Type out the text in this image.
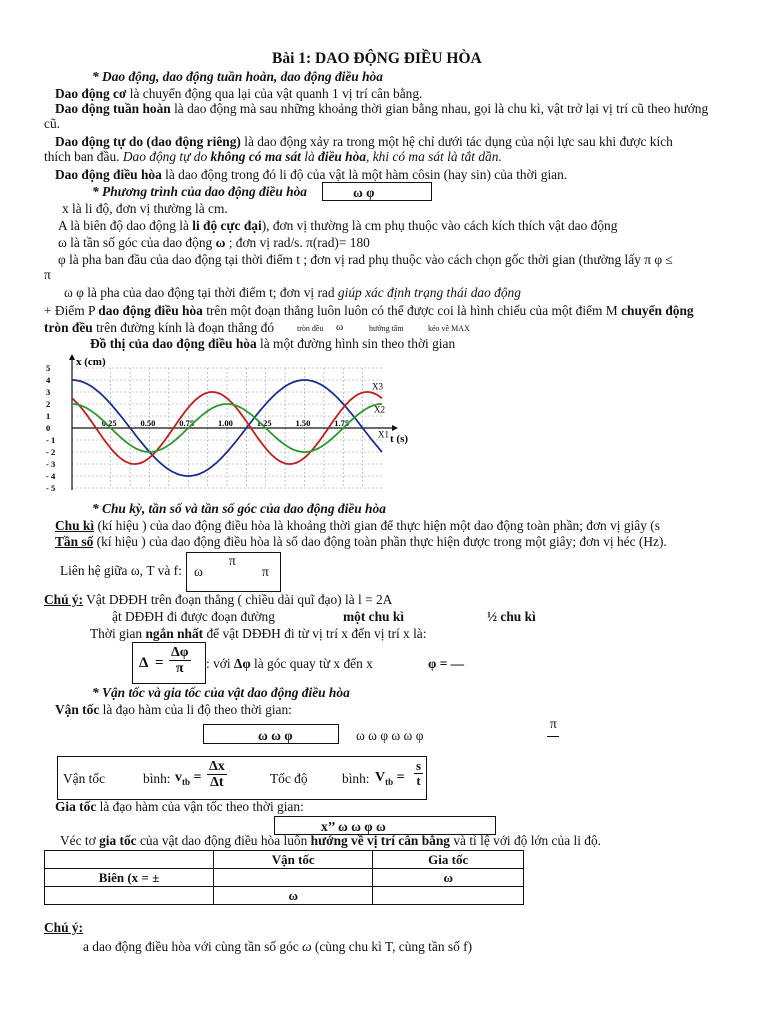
Bài 1: DAO ĐỘNG ĐIỀU HÒA
* Dao động, dao động tuần hoàn, dao động điều hòa
Dao động cơ là chuyển động qua lại của vật quanh 1 vị trí cân bằng.
Dao động tuần hoàn là dao động mà sau những khoảng thời gian bằng nhau, gọi là chu kì, vật trở lại vị trí cũ theo hướng
cũ.
Dao động tự do (dao động riêng) là dao động xảy ra trong một hệ chỉ dưới tác dụng của nội lực sau khi được kích
thích ban đầu. Dao động tự do không có ma sát là điều hòa, khi có ma sát là tắt dần.
Dao động điều hòa là dao động trong đó li độ của vật là một hàm côsin (hay sin) của thời gian.
* Phương trình của dao động điều hòa	ω φ
x là li độ, đơn vị thường là cm.
A là biên độ dao động là li độ cực đại), đơn vị thường là cm phụ thuộc vào cách kích thích vật dao động
ω là tần số góc của dao động ω ; đơn vị rad/s. π(rad)= 180
φ là pha ban đầu của dao động tại thời điểm t ; đơn vị rad phụ thuộc vào cách chọn gốc thời gian (thường lấy π φ ≤
π
ω φ là pha của dao động tại thời điểm t; đơn vị rad giúp xác định trạng thái dao động
+ Điểm P dao động điều hòa trên một đoạn thẳng luôn luôn có thể được coi là hình chiếu của một điểm M chuyển động
tròn đều trên đường kính là đoạn thẳng đó	tròn đều ω	hướng tâm	kéo về MAX
Đồ thị của dao động điều hòa là một đường hình sin theo thời gian
x (cm)
t (s)
5
4
3
2
1
0
- 1
- 2
- 3
- 4
- 5
0.25	0.50	0.75	1.00	1.25	1.50	1.75
X3
X2
X1
* Chu kỳ, tần số và tần số góc của dao động điều hòa
Chu kì (kí hiệu ) của dao động điều hòa là khoảng thời gian để thực hiện một dao động toàn phần; đơn vị giây (s
Tần số (kí hiệu ) của dao động điều hòa là số dao động toàn phần thực hiện được trong một giây; đơn vị héc (Hz).
Liên hệ giữa ω, T và f: ω
π
π
Chú ý: Vật DĐĐH trên đoạn thẳng ( chiều dài quĩ đạo) là l = 2A
ật DĐĐH đi được đoạn đường	một chu kì	½ chu kì
Thời gian ngắn nhất để vật DĐĐH đi từ vị trí x đến vị trí x là:
$\Delta = \frac{\Delta\varphi}{\pi}$ : với Δφ là góc quay từ x đến x	φ = —
* Vận tốc và gia tốc của vật dao động điều hòa
Vận tốc là đạo hàm của li độ theo thời gian:
ω ω φ	ω ω φ ω ω φ
π
Vận tốc	bình: $v_{tb} = \frac{\Delta x}{\Delta t}$	Tốc độ	bình: $V_{tb} = \frac{s}{t}$
Gia tốc là đạo hàm của vận tốc theo thời gian:
x’’ ω ω φ ω
Véc tơ gia tốc của vật dao động điều hòa luôn hướng về vị trí cân bằng và tỉ lệ với độ lớn của li độ.
	Vận tốc	Gia tốc
Biên (x = ±		ω
	ω	
Chú ý:
a dao động điều hòa với cùng tần số góc ω (cùng chu kì T, cùng tần số f)
